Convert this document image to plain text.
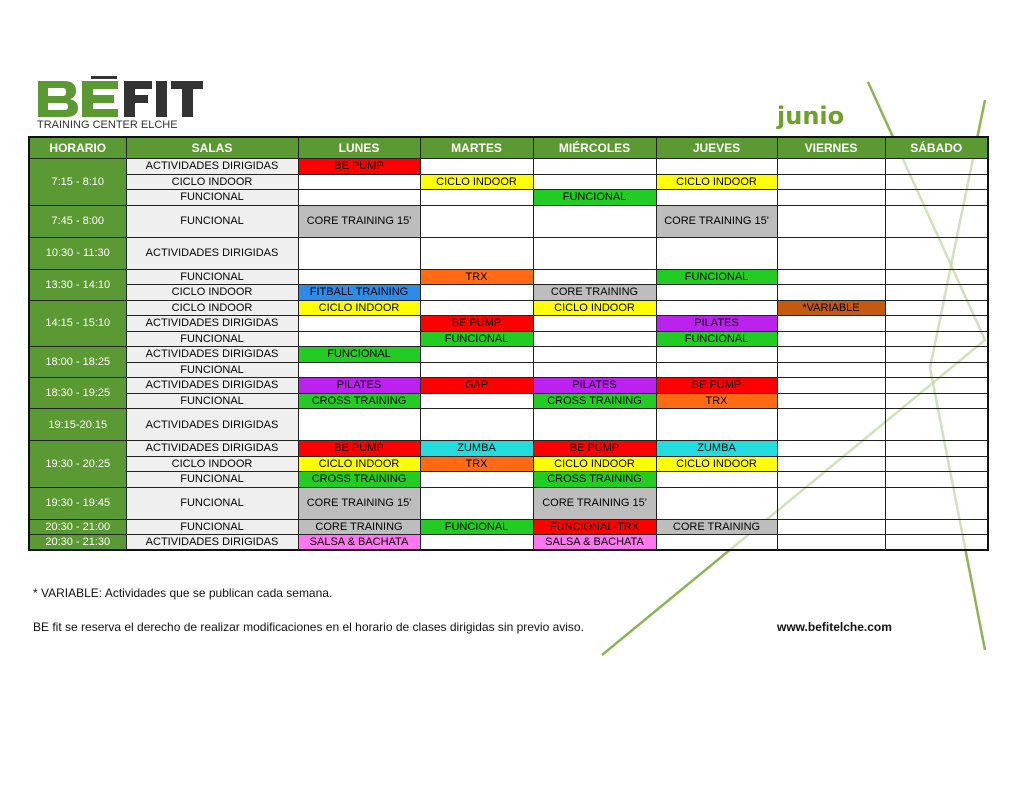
TRAINING CENTER ELCHE	junio
HORARIO	SALAS	LUNES	MARTES	MIÉRCOLES	JUEVES	VIERNES	SÁBADO
7:15 - 8:10	ACTIVIDADES DIRIGIDAS	BE PUMP					
	CICLO INDOOR		CICLO INDOOR		CICLO INDOOR		
	FUNCIONAL			FUNCIONAL			
7:45 - 8:00	FUNCIONAL	CORE TRAINING 15'			CORE TRAINING 15'		
10:30 - 11:30	ACTIVIDADES DIRIGIDAS						
13:30 - 14:10	FUNCIONAL		TRX		FUNCIONAL		
	CICLO INDOOR	FITBALL TRAINING		CORE TRAINING			
14:15 - 15:10	CICLO INDOOR	CICLO INDOOR		CICLO INDOOR		*VARIABLE	
	ACTIVIDADES DIRIGIDAS		BE PUMP		PILATES		
	FUNCIONAL		FUNCIONAL		FUNCIONAL		
18:00 - 18:25	ACTIVIDADES DIRIGIDAS	FUNCIONAL					
	FUNCIONAL						
18:30 - 19:25	ACTIVIDADES DIRIGIDAS	PILATES	GAP	PILATES	BE PUMP		
	FUNCIONAL	CROSS TRAINING		CROSS TRAINING	TRX		
19:15-20:15	ACTIVIDADES DIRIGIDAS						
19:30 - 20:25	ACTIVIDADES DIRIGIDAS	BE PUMP	ZUMBA	BE PUMP	ZUMBA		
	CICLO INDOOR	CICLO INDOOR	TRX	CICLO INDOOR	CICLO INDOOR		
	FUNCIONAL	CROSS TRAINING		CROSS TRAINING			
19:30 - 19:45	FUNCIONAL	CORE TRAINING 15'		CORE TRAINING 15'			
20:30 - 21:00	FUNCIONAL	CORE TRAINING	FUNCIONAL	FUNCIONAL-TRX	CORE TRAINING		
20:30 - 21:30	ACTIVIDADES DIRIGIDAS	SALSA & BACHATA		SALSA & BACHATA			
* VARIABLE: Actividades que se publican cada semana.
BE fit se reserva el derecho de realizar modificaciones en el horario de clases dirigidas sin previo aviso.	www.befitelche.com
